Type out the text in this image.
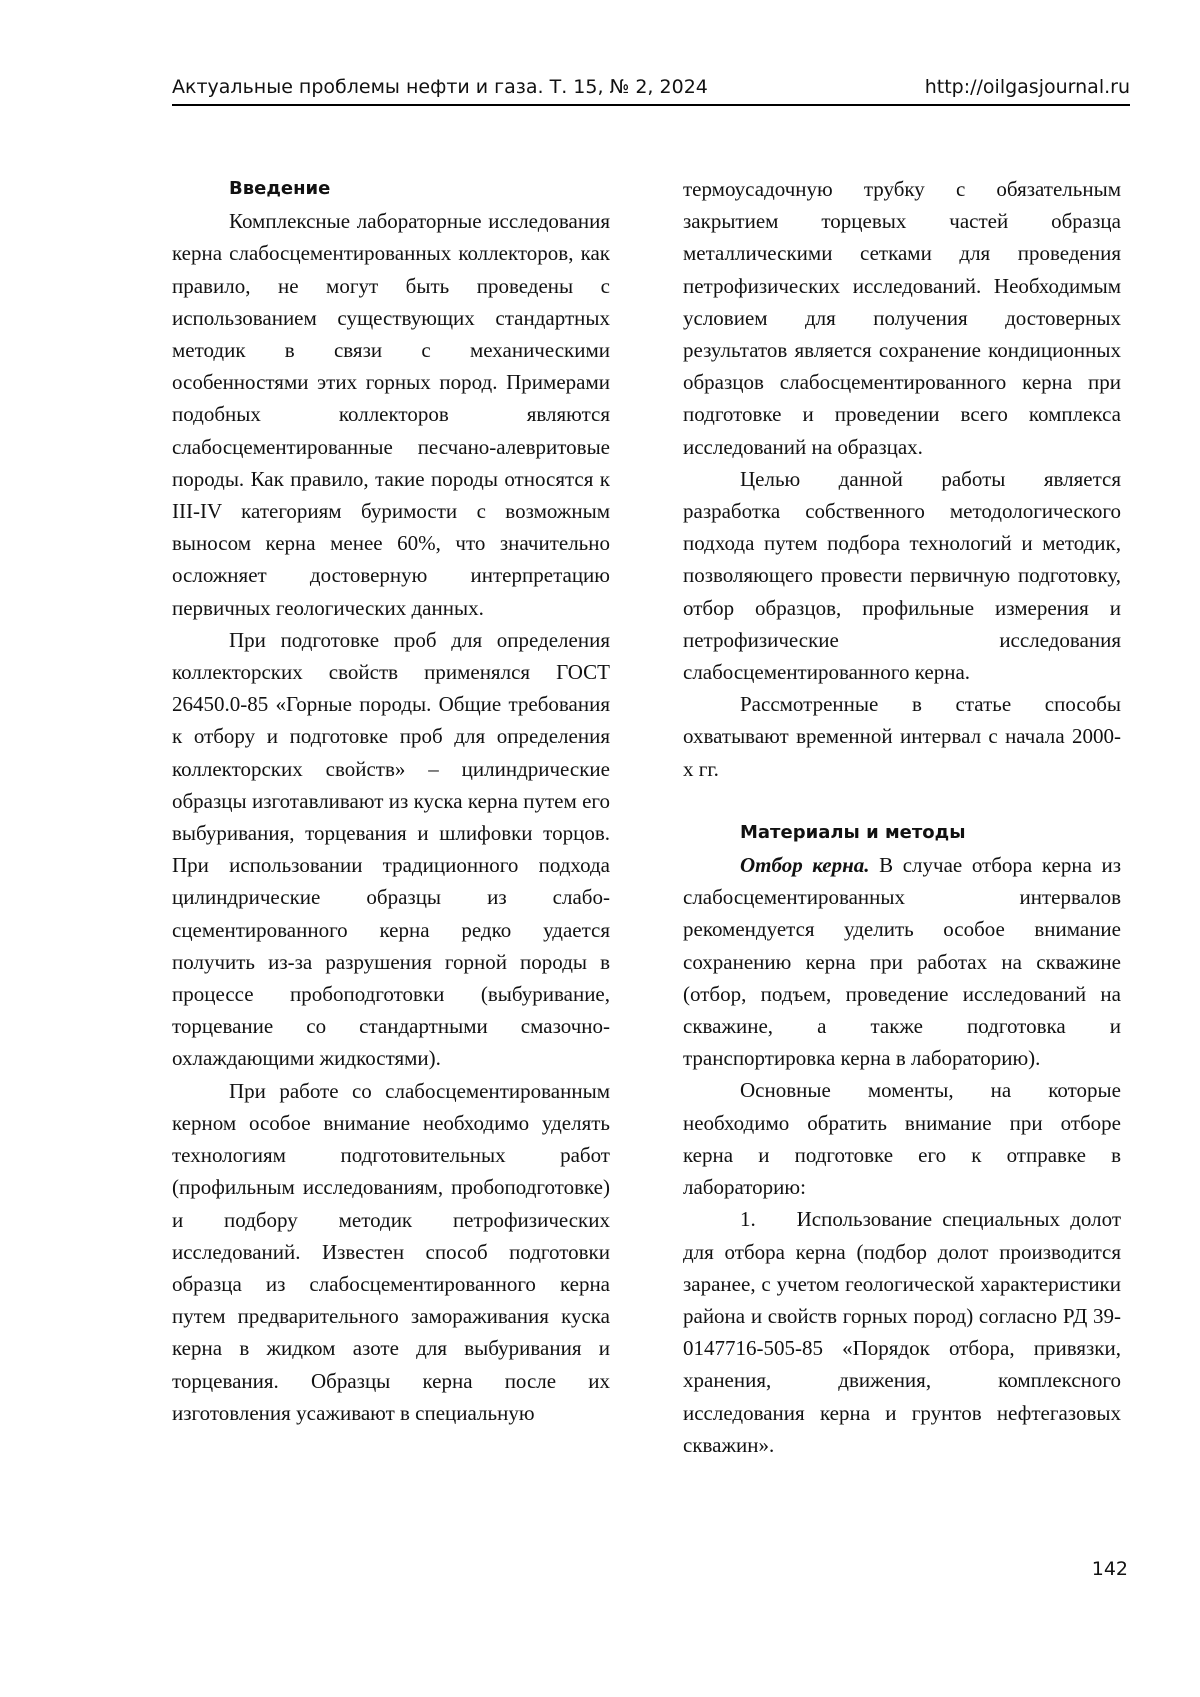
Актуальные проблемы нефти и газа. Т. 15, № 2, 2024	http://oilgasjournal.ru
Введение

Комплексные лабораторные исследования керна слабосцементированных коллекторов, как правило, не могут быть проведены с использованием существующих стандартных методик в связи с механическими особенностями этих горных пород. Примерами подобных коллекторов являются слабосцементированные песчано-алевритовые породы. Как правило, такие породы относятся к III-IV категориям буримости с возможным выносом керна менее 60%, что значительно осложняет достоверную интерпретацию первичных геологических данных.

При подготовке проб для определения коллекторских свойств применялся ГОСТ 26450.0-85 «Горные породы. Общие требования к отбору и подготовке проб для определения коллекторских свойств» – цилиндрические образцы изготавливают из куска керна путем его выбуривания, торцевания и шлифовки торцов. При использовании традиционного подхода цилиндрические образцы из слабосцементированного керна редко удается получить из-за разрушения горной породы в процессе пробоподготовки (выбуривание, торцевание со стандартными смазочно-охлаждающими жидкостями).

При работе со слабосцементированным керном особое внимание необходимо уделять технологиям подготовительных работ (профильным исследованиям, пробоподготовке) и подбору методик петрофизических исследований. Известен способ подготовки образца из слабосцементированного керна путем предварительного замораживания куска керна в жидком азоте для выбуривания и торцевания. Образцы керна после их изготовления усаживают в специальную

термоусадочную трубку с обязательным закрытием торцевых частей образца металлическими сетками для проведения петрофизических исследований. Необходимым условием для получения достоверных результатов является сохранение кондиционных образцов слабосцементированного керна при подготовке и проведении всего комплекса исследований на образцах.

Целью данной работы является разработка собственного методологического подхода путем подбора технологий и методик, позволяющего провести первичную подготовку, отбор образцов, профильные измерения и петрофизические исследования слабосцементированного керна.

Рассмотренные в статье способы охватывают временной интервал с начала 2000-х гг.

Материалы и методы

Отбор керна. В случае отбора керна из слабосцементированных интервалов рекомендуется уделить особое внимание сохранению керна при работах на скважине (отбор, подъем, проведение исследований на скважине, а также подготовка и транспортировка керна в лабораторию).

Основные моменты, на которые необходимо обратить внимание при отборе керна и подготовке его к отправке в лабораторию:

1. Использование специальных долот для отбора керна (подбор долот производится заранее, с учетом геологической характеристики района и свойств горных пород) согласно РД 39-0147716-505-85 «Порядок отбора, привязки, хранения, движения, комплексного исследования керна и грунтов нефтегазовых скважин».

142
